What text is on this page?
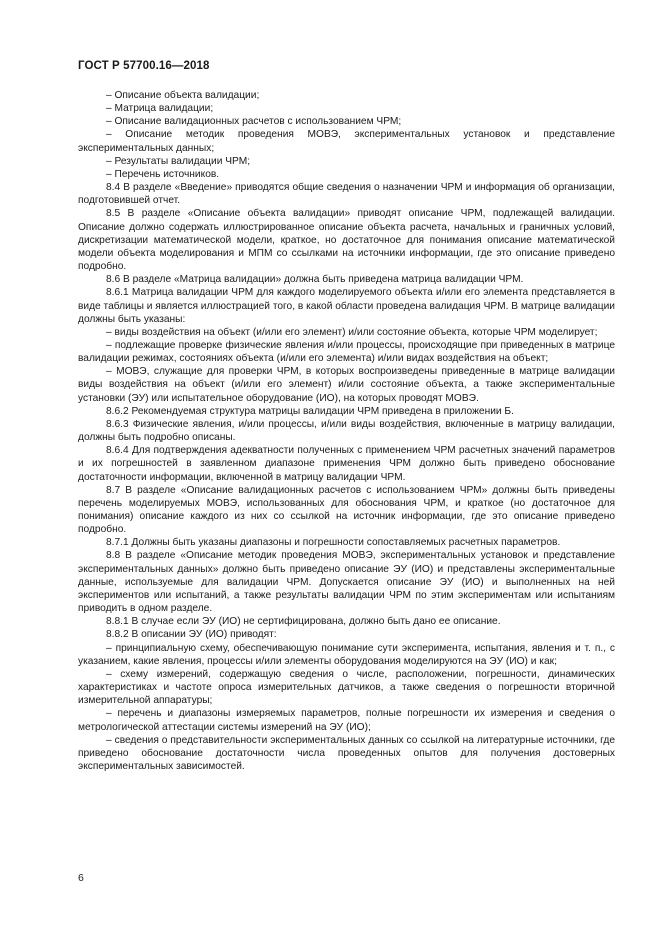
ГОСТ Р 57700.16—2018

– Описание объекта валидации;

– Матрица валидации;

– Описание валидационных расчетов с использованием ЧРМ;

– Описание методик проведения МОВЭ, экспериментальных установок и представление экспериментальных данных;

– Результаты валидации ЧРМ;

– Перечень источников.

8.4 В разделе «Введение» приводятся общие сведения о назначении ЧРМ и информация об организации, подготовившей отчет.

8.5 В разделе «Описание объекта валидации» приводят описание ЧРМ, подлежащей валидации. Описание должно содержать иллюстрированное описание объекта расчета, начальных и граничных условий, дискретизации математической модели, краткое, но достаточное для понимания описание математической модели объекта моделирования и МПМ со ссылками на источники информации, где это описание приведено подробно.

8.6 В разделе «Матрица валидации» должна быть приведена матрица валидации ЧРМ.

8.6.1 Матрица валидации ЧРМ для каждого моделируемого объекта и/или его элемента представляется в виде таблицы и является иллюстрацией того, в какой области проведена валидация ЧРМ. В матрице валидации должны быть указаны:

– виды воздействия на объект (и/или его элемент) и/или состояние объекта, которые ЧРМ моделирует;

– подлежащие проверке физические явления и/или процессы, происходящие при приведенных в матрице валидации режимах, состояниях объекта (и/или его элемента) и/или видах воздействия на объект;

– МОВЭ, служащие для проверки ЧРМ, в которых воспроизведены приведенные в матрице валидации виды воздействия на объект (и/или его элемент) и/или состояние объекта, а также экспериментальные установки (ЭУ) или испытательное оборудование (ИО), на которых проводят МОВЭ.

8.6.2 Рекомендуемая структура матрицы валидации ЧРМ приведена в приложении Б.

8.6.3 Физические явления, и/или процессы, и/или виды воздействия, включенные в матрицу валидации, должны быть подробно описаны.

8.6.4 Для подтверждения адекватности полученных с применением ЧРМ расчетных значений параметров и их погрешностей в заявленном диапазоне применения ЧРМ должно быть приведено обоснование достаточности информации, включенной в матрицу валидации ЧРМ.

8.7 В разделе «Описание валидационных расчетов с использованием ЧРМ» должны быть приведены перечень моделируемых МОВЭ, использованных для обоснования ЧРМ, и краткое (но достаточное для понимания) описание каждого из них со ссылкой на источник информации, где это описание приведено подробно.

8.7.1 Должны быть указаны диапазоны и погрешности сопоставляемых расчетных параметров.

8.8 В разделе «Описание методик проведения МОВЭ, экспериментальных установок и представление экспериментальных данных» должно быть приведено описание ЭУ (ИО) и представлены экспериментальные данные, используемые для валидации ЧРМ. Допускается описание ЭУ (ИО) и выполненных на ней экспериментов или испытаний, а также результаты валидации ЧРМ по этим экспериментам или испытаниям приводить в одном разделе.

8.8.1 В случае если ЭУ (ИО) не сертифицирована, должно быть дано ее описание.

8.8.2 В описании ЭУ (ИО) приводят:

– принципиальную схему, обеспечивающую понимание сути эксперимента, испытания, явления и т. п., с указанием, какие явления, процессы и/или элементы оборудования моделируются на ЭУ (ИО) и как;

– схему измерений, содержащую сведения о числе, расположении, погрешности, динамических характеристиках и частоте опроса измерительных датчиков, а также сведения о погрешности вторичной измерительной аппаратуры;

– перечень и диапазоны измеряемых параметров, полные погрешности их измерения и сведения о метрологической аттестации системы измерений на ЭУ (ИО);

– сведения о представительности экспериментальных данных со ссылкой на литературные источники, где приведено обоснование достаточности числа проведенных опытов для получения достоверных экспериментальных зависимостей.

6
